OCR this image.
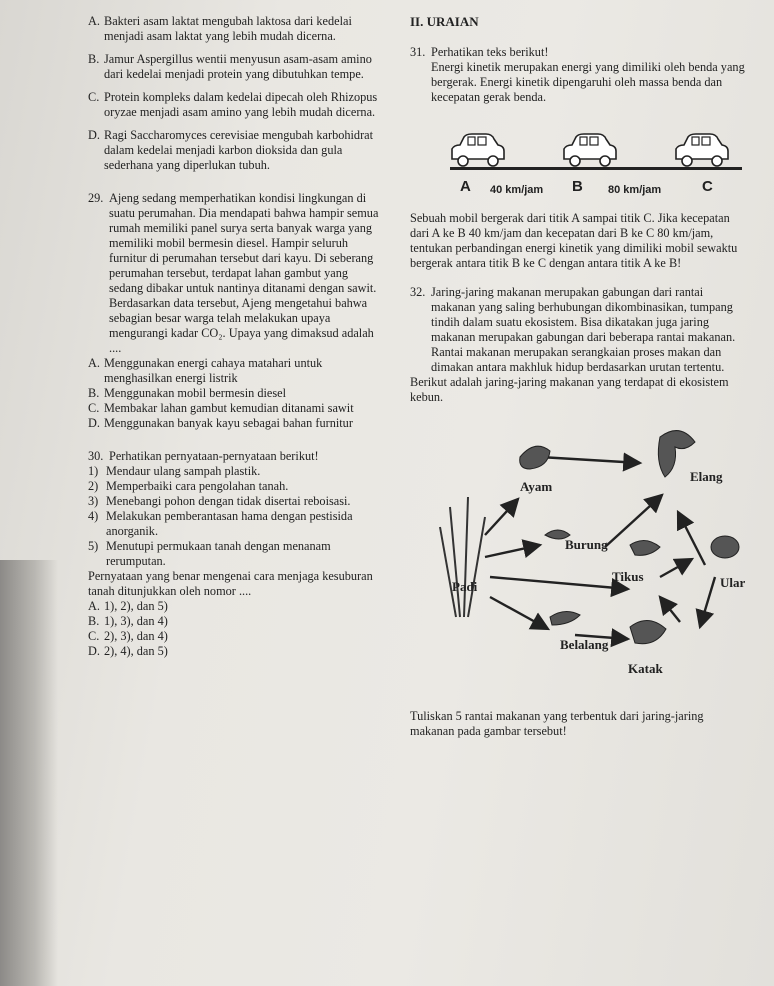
A. Bakteri asam laktat mengubah laktosa dari kedelai menjadi asam laktat yang lebih mudah dicerna.
B. Jamur Aspergillus wentii menyusun asam-asam amino dari kedelai menjadi protein yang dibutuhkan tempe.
C. Protein kompleks dalam kedelai dipecah oleh Rhizopus oryzae menjadi asam amino yang lebih mudah dicerna.
D. Ragi Saccharomyces cerevisiae mengubah karbohidrat dalam kedelai menjadi karbon dioksida dan gula sederhana yang diperlukan tubuh.
29. Ajeng sedang memperhatikan kondisi lingkungan di suatu perumahan. Dia mendapati bahwa hampir semua rumah memiliki panel surya serta banyak warga yang memiliki mobil bermesin diesel. Hampir seluruh furnitur di perumahan tersebut dari kayu. Di seberang perumahan tersebut, terdapat lahan gambut yang sedang dibakar untuk nantinya ditanami dengan sawit. Berdasarkan data tersebut, Ajeng mengetahui bahwa sebagian besar warga telah melakukan upaya mengurangi kadar CO₂. Upaya yang dimaksud adalah ....
A. Menggunakan energi cahaya matahari untuk menghasilkan energi listrik
B. Menggunakan mobil bermesin diesel
C. Membakar lahan gambut kemudian ditanami sawit
D. Menggunakan banyak kayu sebagai bahan furnitur
30. Perhatikan pernyataan-pernyataan berikut!
1) Mendaur ulang sampah plastik.
2) Memperbaiki cara pengolahan tanah.
3) Menebangi pohon dengan tidak disertai reboisasi.
4) Melakukan pemberantasan hama dengan pestisida anorganik.
5) Menutupi permukaan tanah dengan menanam rerumputan.

Pernyataan yang benar mengenai cara menjaga kesuburan tanah ditunjukkan oleh nomor ....

A. 1), 2), dan 5)
B. 1), 3), dan 4)
C. 2), 3), dan 4)
D. 2), 4), dan 5)
II. URAIAN
31. Perhatikan teks berikut!

Energi kinetik merupakan energi yang dimiliki oleh benda yang bergerak. Energi kinetik dipengaruhi oleh massa benda dan kecepatan gerak benda.

A 40 km/jam B 80 km/jam	C

Sebuah mobil bergerak dari titik A sampai titik C. Jika kecepatan dari A ke B 40 km/jam dan kecepatan dari B ke C 80 km/jam, tentukan perbandingan energi kinetik yang dimiliki mobil sewaktu bergerak antara titik B ke C dengan antara titik A ke B!

32. Jaring-jaring makanan merupakan gabungan dari rantai makanan yang saling berhubungan dikombinasikan, tumpang tindih dalam suatu ekosistem. Bisa dikatakan juga jaring makanan merupakan gabungan dari beberapa rantai makanan. Rantai makanan merupakan serangkaian proses makan dan dimakan antara makhluk hidup berdasarkan urutan tertentu.

Berikut adalah jaring-jaring makanan yang terdapat di ekosistem kebun.

Elang
Ayam
Burung
Tikus	Ular
Padi
Belalang
Katak

Tuliskan 5 rantai makanan yang terbentuk dari jaring-jaring makanan pada gambar tersebut!
